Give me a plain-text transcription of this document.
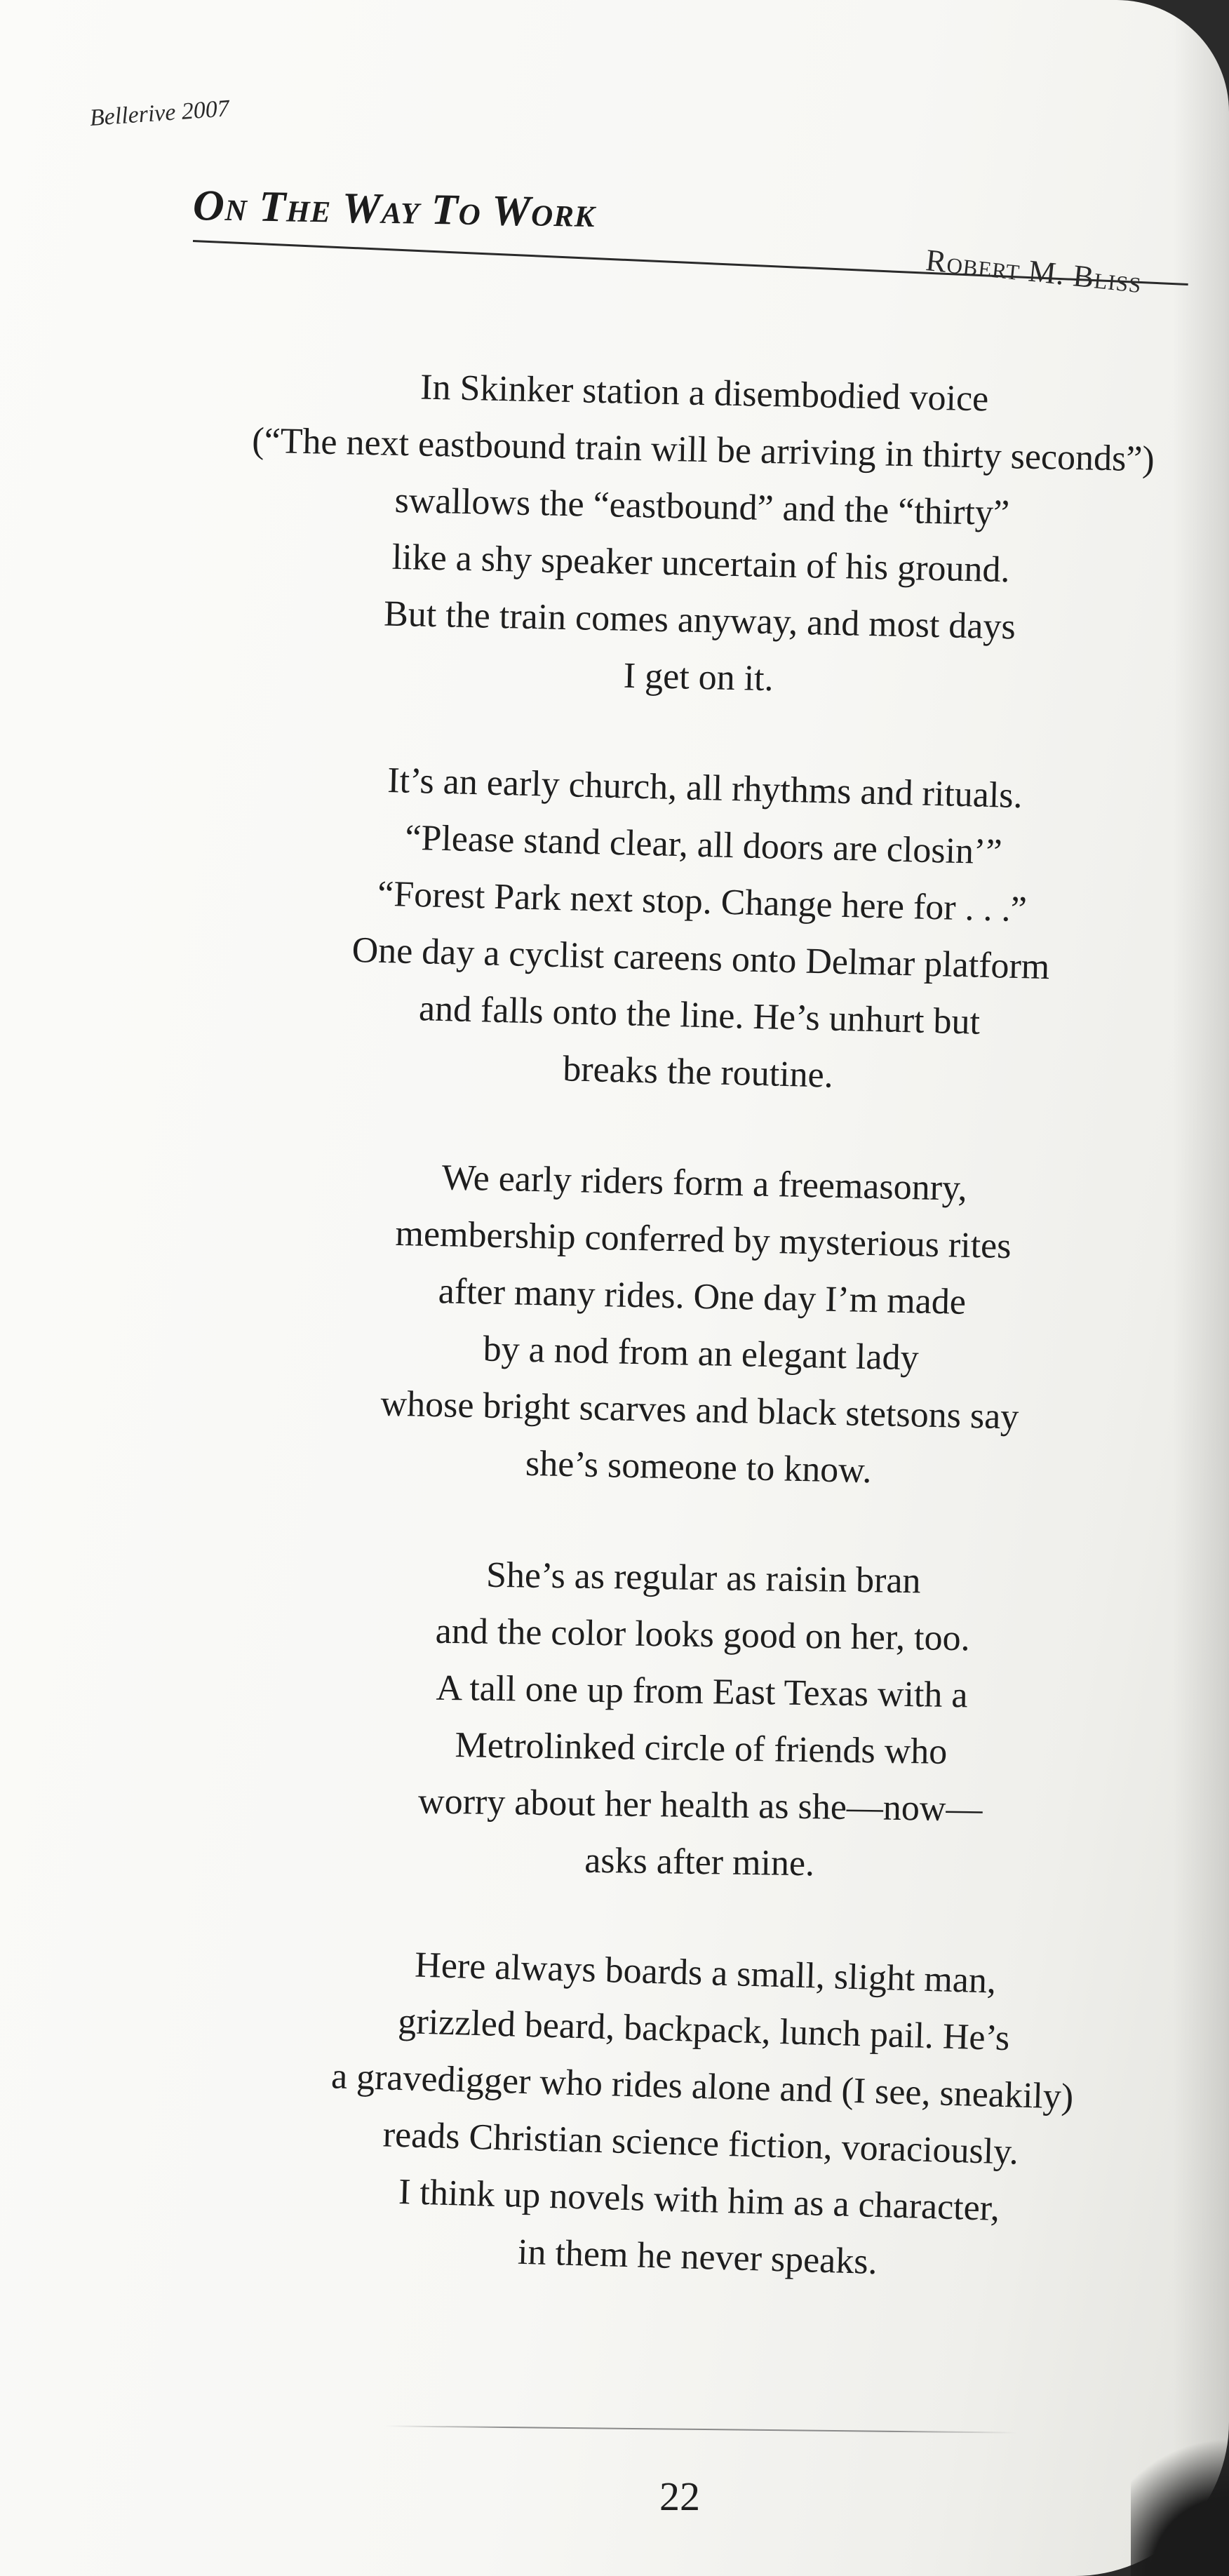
Bellerive 2007
On The Way To Work
Robert M. Bliss
In Skinker station a disembodied voice
(“The next eastbound train will be arriving in thirty seconds”)
swallows the “eastbound” and the “thirty”
like a shy speaker uncertain of his ground.
But the train comes anyway, and most days
I get on it.
It’s an early church, all rhythms and rituals.
“Please stand clear, all doors are closin’”
“Forest Park next stop. Change here for . . .”
One day a cyclist careens onto Delmar platform
and falls onto the line. He’s unhurt but
breaks the routine.
We early riders form a freemasonry,
membership conferred by mysterious rites
after many rides. One day I’m made
by a nod from an elegant lady
whose bright scarves and black stetsons say
she’s someone to know.
She’s as regular as raisin bran
and the color looks good on her, too.
A tall one up from East Texas with a
Metrolinked circle of friends who
worry about her health as she—now—
asks after mine.
Here always boards a small, slight man,
grizzled beard, backpack, lunch pail. He’s
a gravedigger who rides alone and (I see, sneakily)
reads Christian science fiction, voraciously.
I think up novels with him as a character,
in them he never speaks.
22
